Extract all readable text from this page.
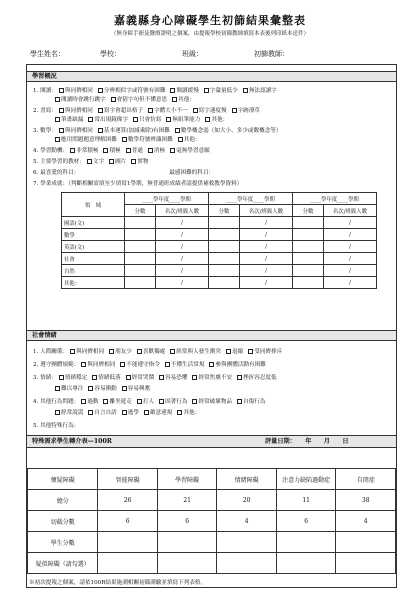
嘉義縣身心障礙學生初篩結果彙整表
（無身障手冊及醫療證明之個案，由提報學校初篩教師填寫本表後列印紙本送件）
學生姓名：	學校：	班級：	初篩教師：
學習概況
1. 閱讀： 與同儕相同 分辨相似字或符號有困難 閱讀緩慢 字彙量低少 無法認讀字
閱讀時會跳行跳字 會猜字句但不懂意思 其他：
2. 書寫： 與同儕相同 寫字會超出格子 字體大小不一 寫字速度慢 字跡潦草
筆畫缺漏 常出現鏡像字 只會仿寫 無組筆能力 其他：
3. 數學： 與同儕相同 基本運算(加減乘除)有困難 數學概念弱（如大小、多少或數概念等）
應用問題題意理解困難 數學符號辨識困難 其他：
4. 學習動機： 非常積極 積極 普通 消極 毫無學習意願
5. 主要學習的教材： 文字 圖片 實物
6. 最喜愛的科目：	最感困難的科目：
7. 學業成就：（判斷相關需填至少填寫1學期，無普通班成績者請提供補救教學資料）
領　域	____學年度____學期		____學年度____學期		____學年度____學期	
	分數	名次/班級人數	分數	名次/班級人數	分數	名次/班級人數
國語(文)		/		/		/
數學		/		/		/
英語(文)		/		/		/
社會		/		/		/
自然		/		/		/
其他：		/		/		/
社會情緒
1. 人際關係： 與同儕相同 朋友少 喜歡獨處 經常與人發生衝突 退縮 受同儕排斥
2. 遵守團體規範： 與同儕相同 不能遵守指令 不懂生活常規 參與團體活動有困難
3. 情緒： 情緒穩定 情緒低落 經常哭鬧 容易恐懼 經常焦慮不安 挫折容忍度低
難以專注 容易衝動 容易興奮
4. 其他行為問題： 過動 離坐遊走 打人 固著行為 經常破壞物品 自傷行為
經常說謊 自言自語 逃學 敵意違規 其他：
5. 其他特殊行為：
特殊需求學生轉介表—100R	評量日期：　　年　　月　　日
懷疑障礙	智能障礙	學習障礙	情緒障礙	注意力缺陷過動症	自閉症
總分	26	21	20	11	38
切截分數	6	6	4	6	4
學生分數					
疑似障礙（請勾選）					
※初次提報之個案，請依100R結果施測相關初篩測驗並填寫下列表格。
